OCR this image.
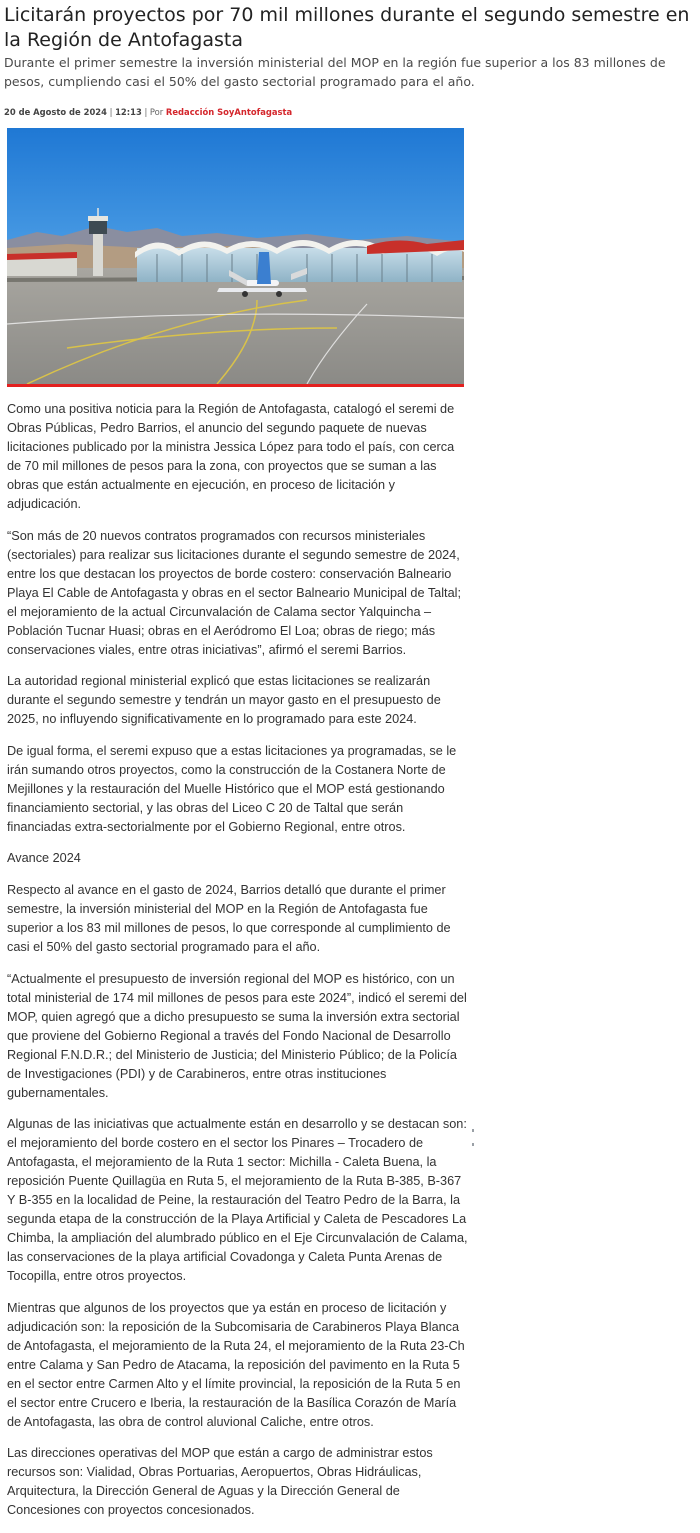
Licitarán proyectos por 70 mil millones durante el segundo semestre en la Región de Antofagasta

Durante el primer semestre la inversión ministerial del MOP en la región fue superior a los 83 millones de pesos, cumpliendo casi el 50% del gasto sectorial programado para el año.

20 de Agosto de 2024 | 12:13 | Por Redacción SoyAntofagasta

Como una positiva noticia para la Región de Antofagasta, catalogó el seremi de Obras Públicas, Pedro Barrios, el anuncio del segundo paquete de nuevas licitaciones publicado por la ministra Jessica López para todo el país, con cerca de 70 mil millones de pesos para la zona, con proyectos que se suman a las obras que están actualmente en ejecución, en proceso de licitación y adjudicación.

“Son más de 20 nuevos contratos programados con recursos ministeriales (sectoriales) para realizar sus licitaciones durante el segundo semestre de 2024, entre los que destacan los proyectos de borde costero: conservación Balneario Playa El Cable de Antofagasta y obras en el sector Balneario Municipal de Taltal; el mejoramiento de la actual Circunvalación de Calama sector Yalquincha – Población Tucnar Huasi; obras en el Aeródromo El Loa; obras de riego; más conservaciones viales, entre otras iniciativas”, afirmó el seremi Barrios.

La autoridad regional ministerial explicó que estas licitaciones se realizarán durante el segundo semestre y tendrán un mayor gasto en el presupuesto de 2025, no influyendo significativamente en lo programado para este 2024.

De igual forma, el seremi expuso que a estas licitaciones ya programadas, se le irán sumando otros proyectos, como la construcción de la Costanera Norte de Mejillones y la restauración del Muelle Histórico que el MOP está gestionando financiamiento sectorial, y las obras del Liceo C 20 de Taltal que serán financiadas extra-sectorialmente por el Gobierno Regional, entre otros.

Avance 2024

Respecto al avance en el gasto de 2024, Barrios detalló que durante el primer semestre, la inversión ministerial del MOP en la Región de Antofagasta fue superior a los 83 mil millones de pesos, lo que corresponde al cumplimiento de casi el 50% del gasto sectorial programado para el año.

“Actualmente el presupuesto de inversión regional del MOP es histórico, con un total ministerial de 174 mil millones de pesos para este 2024”, indicó el seremi del MOP, quien agregó que a dicho presupuesto se suma la inversión extra sectorial que proviene del Gobierno Regional a través del Fondo Nacional de Desarrollo Regional F.N.D.R.; del Ministerio de Justicia; del Ministerio Público; de la Policía de Investigaciones (PDI) y de Carabineros, entre otras instituciones gubernamentales.

Algunas de las iniciativas que actualmente están en desarrollo y se destacan son: el mejoramiento del borde costero en el sector los Pinares – Trocadero de Antofagasta, el mejoramiento de la Ruta 1 sector: Michilla - Caleta Buena, la reposición Puente Quillagüa en Ruta 5, el mejoramiento de la Ruta B-385, B-367 Y B-355 en la localidad de Peine, la restauración del Teatro Pedro de la Barra, la segunda etapa de la construcción de la Playa Artificial y Caleta de Pescadores La Chimba, la ampliación del alumbrado público en el Eje Circunvalación de Calama, las conservaciones de la playa artificial Covadonga y Caleta Punta Arenas de Tocopilla, entre otros proyectos.

Mientras que algunos de los proyectos que ya están en proceso de licitación y adjudicación son: la reposición de la Subcomisaria de Carabineros Playa Blanca de Antofagasta, el mejoramiento de la Ruta 24, el mejoramiento de la Ruta 23-Ch entre Calama y San Pedro de Atacama, la reposición del pavimento en la Ruta 5 en el sector entre Carmen Alto y el límite provincial, la reposición de la Ruta 5 en el sector entre Crucero e Iberia, la restauración de la Basílica Corazón de María de Antofagasta, las obra de control aluvional Caliche, entre otros.

Las direcciones operativas del MOP que están a cargo de administrar estos recursos son: Vialidad, Obras Portuarias, Aeropuertos, Obras Hidráulicas, Arquitectura, la Dirección General de Aguas y la Dirección General de Concesiones con proyectos concesionados.
